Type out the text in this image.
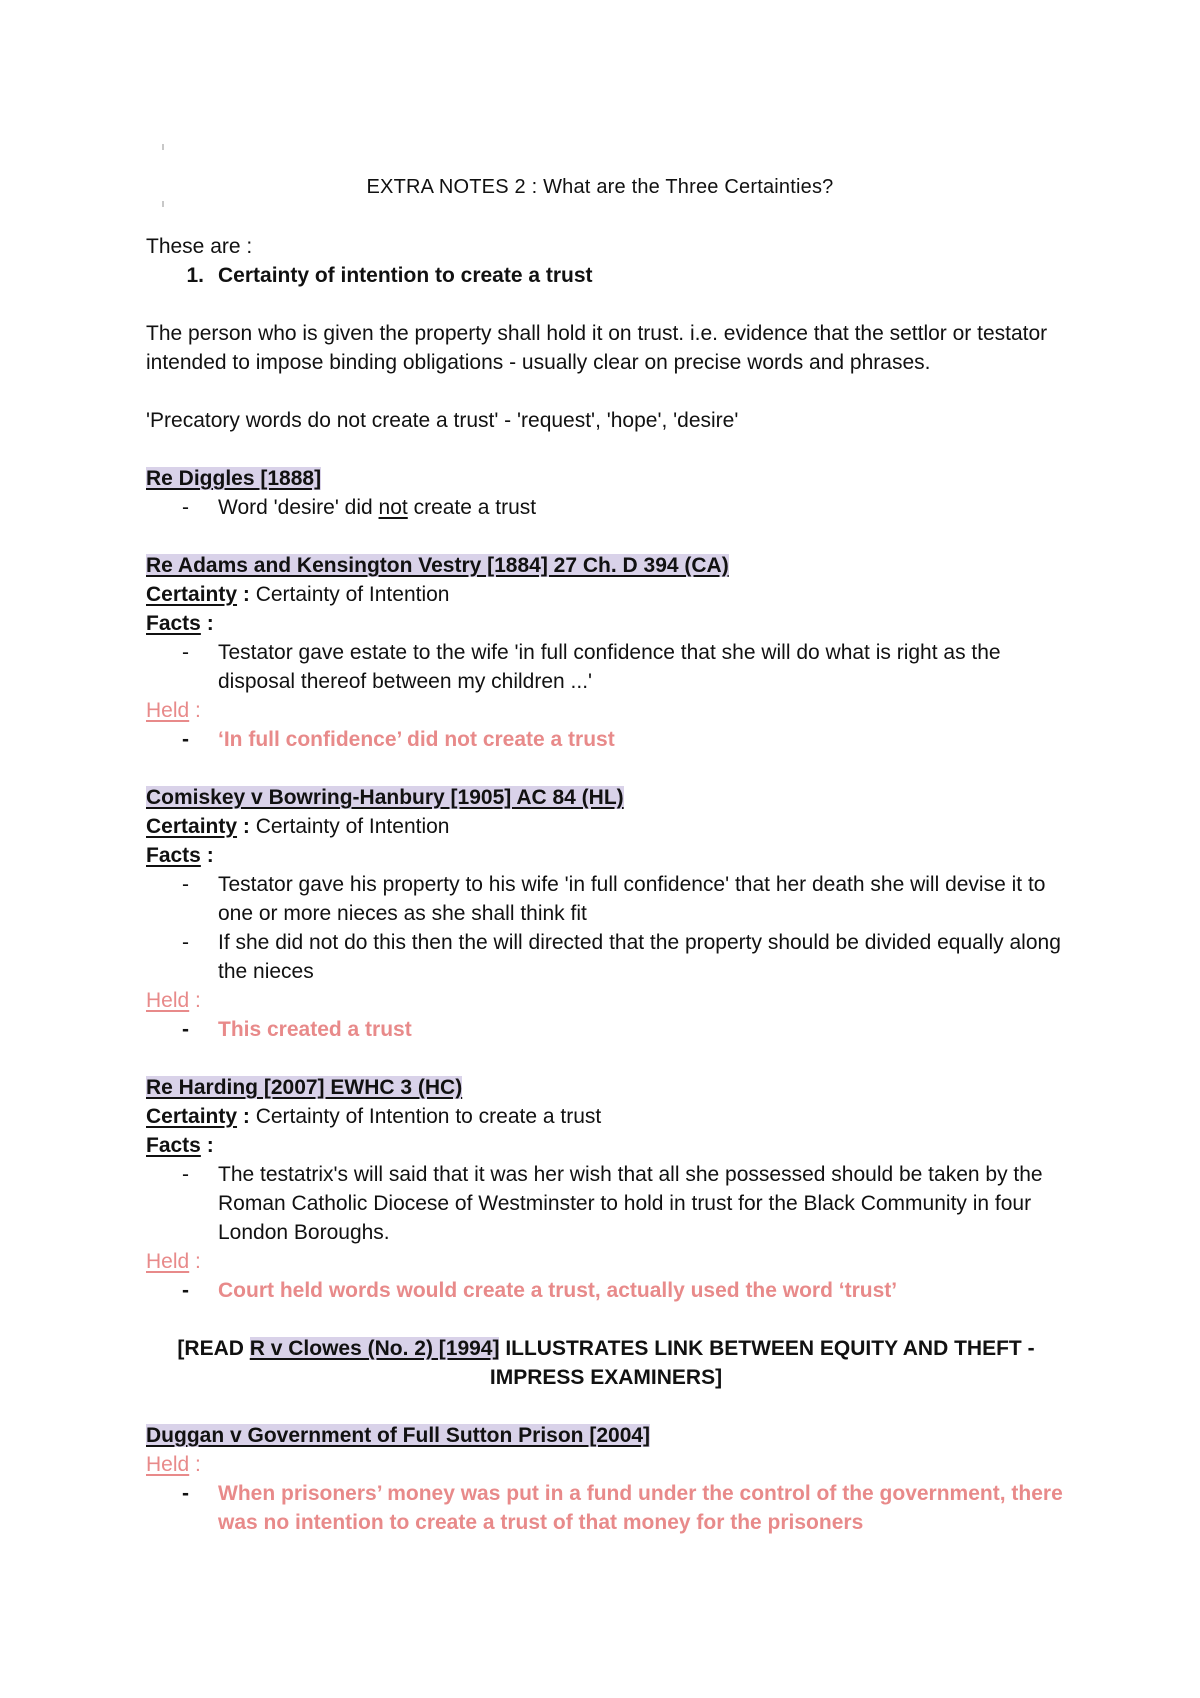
EXTRA NOTES 2 : What are the Three Certainties?

These are :

1. Certainty of intention to create a trust

The person who is given the property shall hold it on trust. i.e. evidence that the settlor or testator intended to impose binding obligations - usually clear on precise words and phrases.

'Precatory words do not create a trust' - 'request', 'hope', 'desire'

Re Diggles [1888]

-	Word 'desire' did not create a trust

Re Adams and Kensington Vestry [1884] 27 Ch. D 394 (CA)

Certainty : Certainty of Intention

Facts :

-	Testator gave estate to the wife 'in full confidence that she will do what is right as the disposal thereof between my children ...'

Held :

-	‘In full confidence’ did not create a trust

Comiskey v Bowring-Hanbury [1905] AC 84 (HL)

Certainty : Certainty of Intention

Facts :

-	Testator gave his property to his wife 'in full confidence' that her death she will devise it to one or more nieces as she shall think fit
-	If she did not do this then the will directed that the property should be divided equally along the nieces

Held :

-	This created a trust

Re Harding [2007] EWHC 3 (HC)

Certainty : Certainty of Intention to create a trust

Facts :

-	The testatrix's will said that it was her wish that all she possessed should be taken by the Roman Catholic Diocese of Westminster to hold in trust for the Black Community in four London Boroughs.

Held :

-	Court held words would create a trust, actually used the word ‘trust’

[READ R v Clowes (No. 2) [1994] ILLUSTRATES LINK BETWEEN EQUITY AND THEFT - IMPRESS EXAMINERS]

Duggan v Government of Full Sutton Prison [2004]

Held :

-	When prisoners’ money was put in a fund under the control of the government, there was no intention to create a trust of that money for the prisoners
